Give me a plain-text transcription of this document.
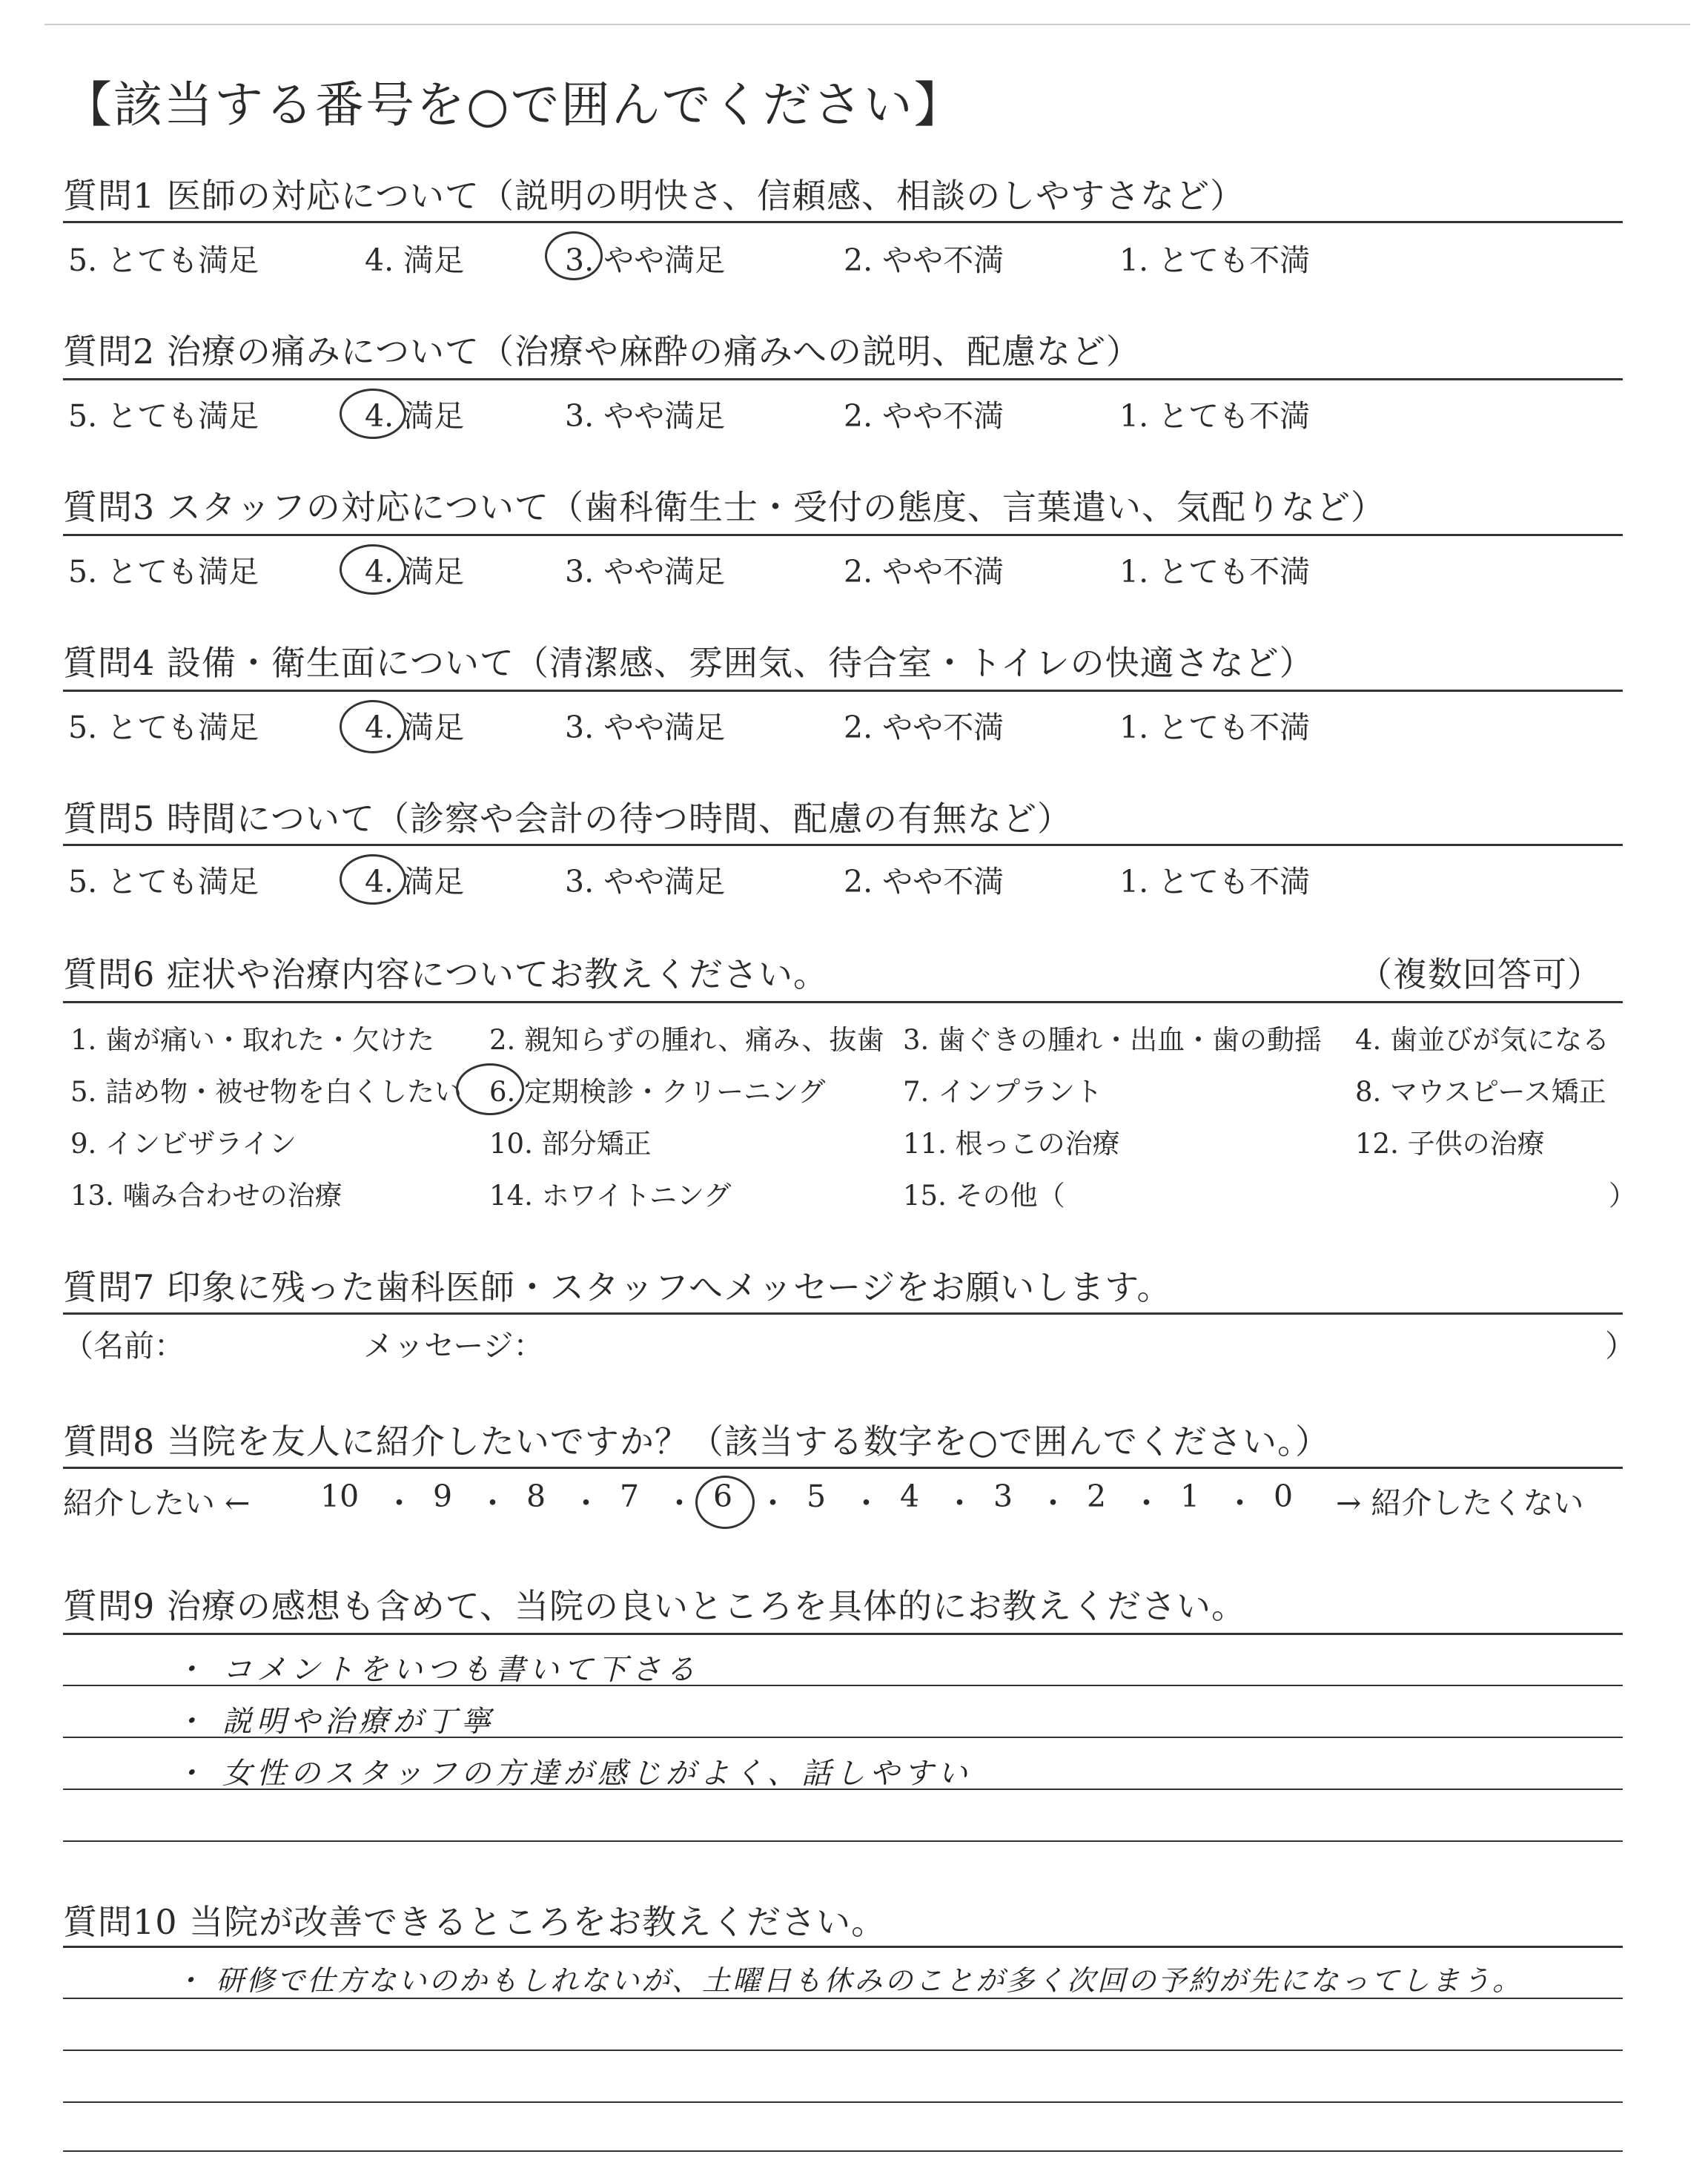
【該当する番号を○で囲んでください】
質問1 医師の対応について（説明の明快さ、信頼感、相談のしやすさなど）
5. とても満足	4. 満足	3. やや満足	2. やや不満	1. とても不満
質問2 治療の痛みについて（治療や麻酔の痛みへの説明、配慮など）
5. とても満足	4. 満足	3. やや満足	2. やや不満	1. とても不満
質問3 スタッフの対応について（歯科衛生士・受付の態度、言葉遣い、気配りなど）
5. とても満足	4. 満足	3. やや満足	2. やや不満	1. とても不満
質問4 設備・衛生面について（清潔感、雰囲気、待合室・トイレの快適さなど）
5. とても満足	4. 満足	3. やや満足	2. やや不満	1. とても不満
質問5 時間について（診察や会計の待つ時間、配慮の有無など）
5. とても満足	4. 満足	3. やや満足	2. やや不満	1. とても不満
質問6 症状や治療内容についてお教えください。	（複数回答可）
1. 歯が痛い・取れた・欠けた 2. 親知らずの腫れ、痛み、抜歯 3. 歯ぐきの腫れ・出血・歯の動揺 4. 歯並びが気になる
5. 詰め物・被せ物を白くしたい 6. 定期検診・クリーニング	7. インプラント	8. マウスピース矯正
9. インビザライン	10. 部分矯正	11. 根っこの治療	12. 子供の治療
13. 噛み合わせの治療	14. ホワイトニング	15. その他（	）
質問7 印象に残った歯科医師・スタッフへメッセージをお願いします。
（名前：	メッセージ：	）
質問8 当院を友人に紹介したいですか？（該当する数字を○で囲んでください。）
紹介したい ← 10 ・ 9 ・ 8 ・ 7 ・ 6 ・ 5 ・ 4 ・ 3 ・ 2 ・ 1 ・ 0 → 紹介したくない
質問9 治療の感想も含めて、当院の良いところを具体的にお教えください。
・ コメントをいつも書いて下さる
・ 説明や治療が丁寧
・ 女性のスタッフの方達が感じがよく、話しやすい
質問10 当院が改善できるところをお教えください。
・ 研修で仕方ないのかもしれないが、土曜日も休みのことが多く次回の予約が先になってしまう。
